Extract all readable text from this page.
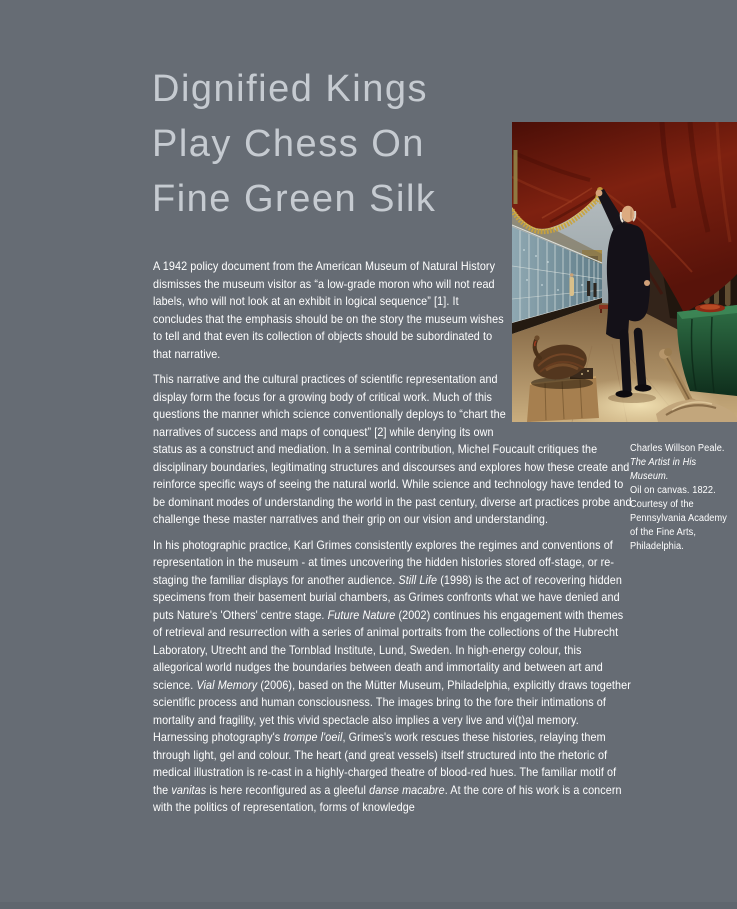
Dignified Kings
Play Chess On
Fine Green Silk
Charles Willson Peale.
The Artist in His
Museum.
Oil on canvas. 1822.
Courtesy of the
Pennsylvania Academy
of the Fine Arts,
Philadelphia.

A 1942 policy document from the American Museum of Natural History dismisses the museum visitor as “a low-grade moron who will not read labels, who will not look at an exhibit in logical sequence” [1]. It concludes that the emphasis should be on the story the museum wishes to tell and that even its collection of objects should be subordinated to that narrative.

This narrative and the cultural practices of scientific representation and display form the focus for a growing body of critical work. Much of this questions the manner which science conventionally deploys to “chart the narratives of success and maps of conquest” [2] while denying its own status as a construct and mediation. In a seminal contribution, Michel Foucault critiques the disciplinary boundaries, legitimating structures and discourses and explores how these create and reinforce specific ways of seeing the natural world. While science and technology have tended to be dominant modes of understanding the world in the past century, diverse art practices probe and challenge these master narratives and their grip on our vision and understanding.

In his photographic practice, Karl Grimes consistently explores the regimes and conventions of representation in the museum - at times uncovering the hidden histories stored off-stage, or re-staging the familiar displays for another audience. Still Life (1998) is the act of recovering hidden specimens from their basement burial chambers, as Grimes confronts what we have denied and puts Nature's 'Others' centre stage. Future Nature (2002) continues his engagement with themes of retrieval and resurrection with a series of animal portraits from the collections of the Hubrecht Laboratory, Utrecht and the Tornblad Institute, Lund, Sweden. In high-energy colour, this allegorical world nudges the boundaries between death and immortality and between art and science. Vial Memory (2006), based on the Mütter Museum, Philadelphia, explicitly draws together scientific process and human consciousness. The images bring to the fore their intimations of mortality and fragility, yet this vivid spectacle also implies a very live and vi(t)al memory. Harnessing photography's trompe l'oeil, Grimes's work rescues these histories, relaying them through light, gel and colour. The heart (and great vessels) itself structured into the rhetoric of medical illustration is re-cast in a highly-charged theatre of blood-red hues. The familiar motif of the vanitas is here reconfigured as a gleeful danse macabre. At the core of his work is a concern with the politics of representation, forms of knowledge
